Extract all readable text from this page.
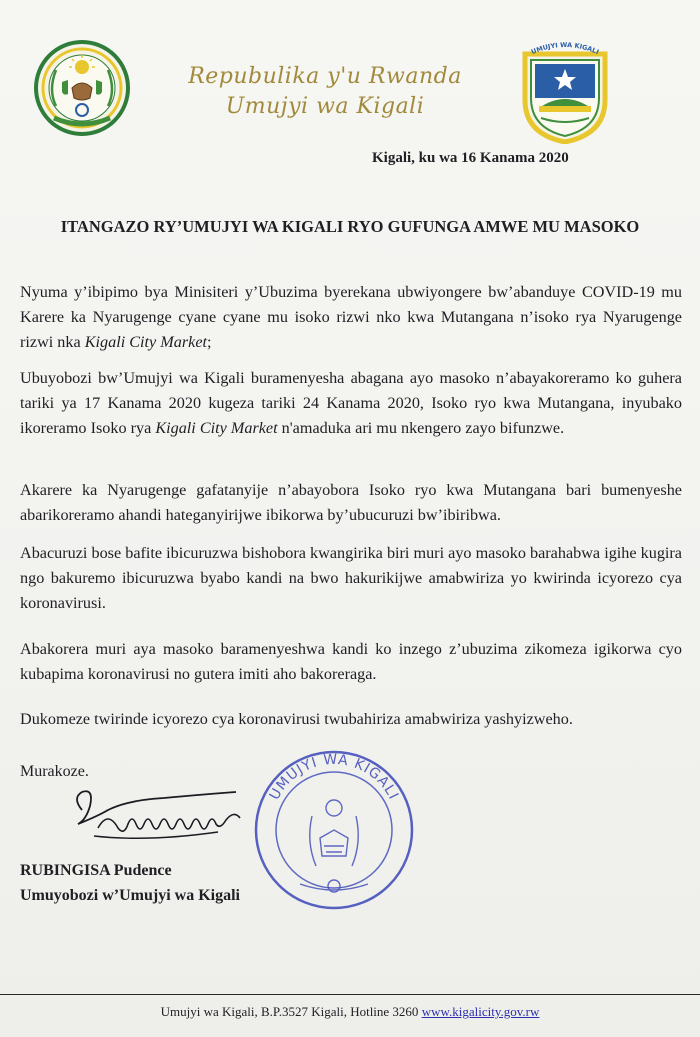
Repubulika y'u Rwanda
Umujyi wa Kigali
UMUJYI WA KIGALI
Kigali, ku wa 16 Kanama 2020
ITANGAZO RY’UMUJYI WA KIGALI RYO GUFUNGA AMWE MU MASOKO
Nyuma y’ibipimo bya Minisiteri y’Ubuzima byerekana ubwiyongere bw’abanduye COVID-19 mu Karere ka Nyarugenge cyane cyane mu isoko rizwi nko kwa Mutangana n’isoko rya Nyarugenge rizwi nka Kigali City Market;
Ubuyobozi bw’Umujyi wa Kigali buramenyesha abagana ayo masoko n’abayakoreramo ko guhera tariki ya 17 Kanama 2020 kugeza tariki 24 Kanama 2020, Isoko ryo kwa Mutangana, inyubako ikoreramo Isoko rya Kigali City Market n'amaduka ari mu nkengero zayo bifunzwe.
Akarere ka Nyarugenge gafatanyije n’abayobora Isoko ryo kwa Mutangana bari bumenyeshe abarikoreramo ahandi hateganyirijwe ibikorwa by’ubucuruzi bw’ibiribwa.
Abacuruzi bose bafite ibicuruzwa bishobora kwangirika biri muri ayo masoko barahabwa igihe kugira ngo bakuremo ibicuruzwa byabo kandi na bwo hakurikijwe amabwiriza yo kwirinda icyorezo cya koronavirusi.
Abakorera muri aya masoko baramenyeshwa kandi ko inzego z’ubuzima zikomeza igikorwa cyo kubapima koronavirusi no gutera imiti aho bakoreraga.
Dukomeze twirinde icyorezo cya koronavirusi twubahiriza amabwiriza yashyizweho.
Murakoze.
UMUJYI WA KIGALI
RUBINGISA Pudence
Umuyobozi w’Umujyi wa Kigali
Umujyi wa Kigali, B.P.3527 Kigali, Hotline 3260 www.kigalicity.gov.rw
